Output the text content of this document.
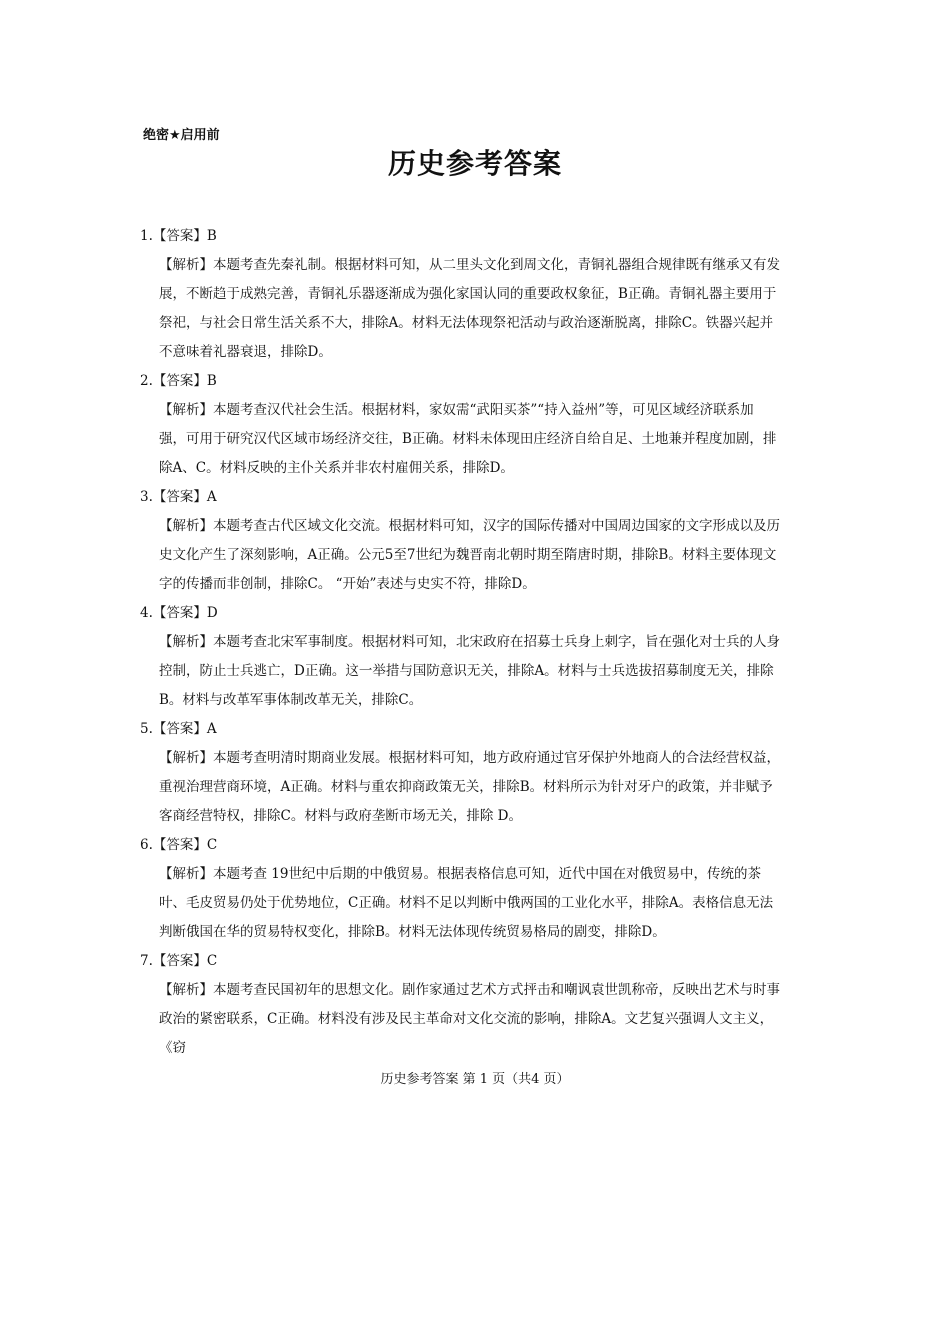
绝密★启用前
历史参考答案
1.【答案】B

【解析】本题考查先秦礼制。根据材料可知，从二里头文化到周文化，青铜礼器组合规律既有继承又有发展，不断趋于成熟完善，青铜礼乐器逐渐成为强化家国认同的重要政权象征，B正确。青铜礼器主要用于祭祀，与社会日常生活关系不大，排除A。材料无法体现祭祀活动与政治逐渐脱离，排除C。铁器兴起并不意味着礼器衰退，排除D。

2.【答案】B

【解析】本题考查汉代社会生活。根据材料，家奴需“武阳买茶”“持入益州”等，可见区域经济联系加强，可用于研究汉代区域市场经济交往，B正确。材料未体现田庄经济自给自足、土地兼并程度加剧，排除A、C。材料反映的主仆关系并非农村雇佣关系，排除D。

3.【答案】A

【解析】本题考查古代区域文化交流。根据材料可知，汉字的国际传播对中国周边国家的文字形成以及历史文化产生了深刻影响，A正确。公元5至7世纪为魏晋南北朝时期至隋唐时期，排除B。材料主要体现文字的传播而非创制，排除C。 “开始”表述与史实不符，排除D。

4.【答案】D

【解析】本题考查北宋军事制度。根据材料可知，北宋政府在招募士兵身上刺字，旨在强化对士兵的人身控制，防止士兵逃亡，D正确。这一举措与国防意识无关，排除A。材料与士兵选拔招募制度无关，排除B。材料与改革军事体制改革无关，排除C。

5.【答案】A

【解析】本题考查明清时期商业发展。根据材料可知，地方政府通过官牙保护外地商人的合法经营权益，重视治理营商环境，A正确。材料与重农抑商政策无关，排除B。材料所示为针对牙户的政策，并非赋予客商经营特权，排除C。材料与政府垄断市场无关，排除 D。

6.【答案】C

【解析】本题考查 19世纪中后期的中俄贸易。根据表格信息可知，近代中国在对俄贸易中，传统的茶叶、毛皮贸易仍处于优势地位，C正确。材料不足以判断中俄两国的工业化水平，排除A。表格信息无法判断俄国在华的贸易特权变化，排除B。材料无法体现传统贸易格局的剧变，排除D。

7.【答案】C

【解析】本题考查民国初年的思想文化。剧作家通过艺术方式抨击和嘲讽袁世凯称帝，反映出艺术与时事政治的紧密联系，C正确。材料没有涉及民主革命对文化交流的影响，排除A。文艺复兴强调人文主义， 《窃

历史参考答案 第 1 页（共4 页）
